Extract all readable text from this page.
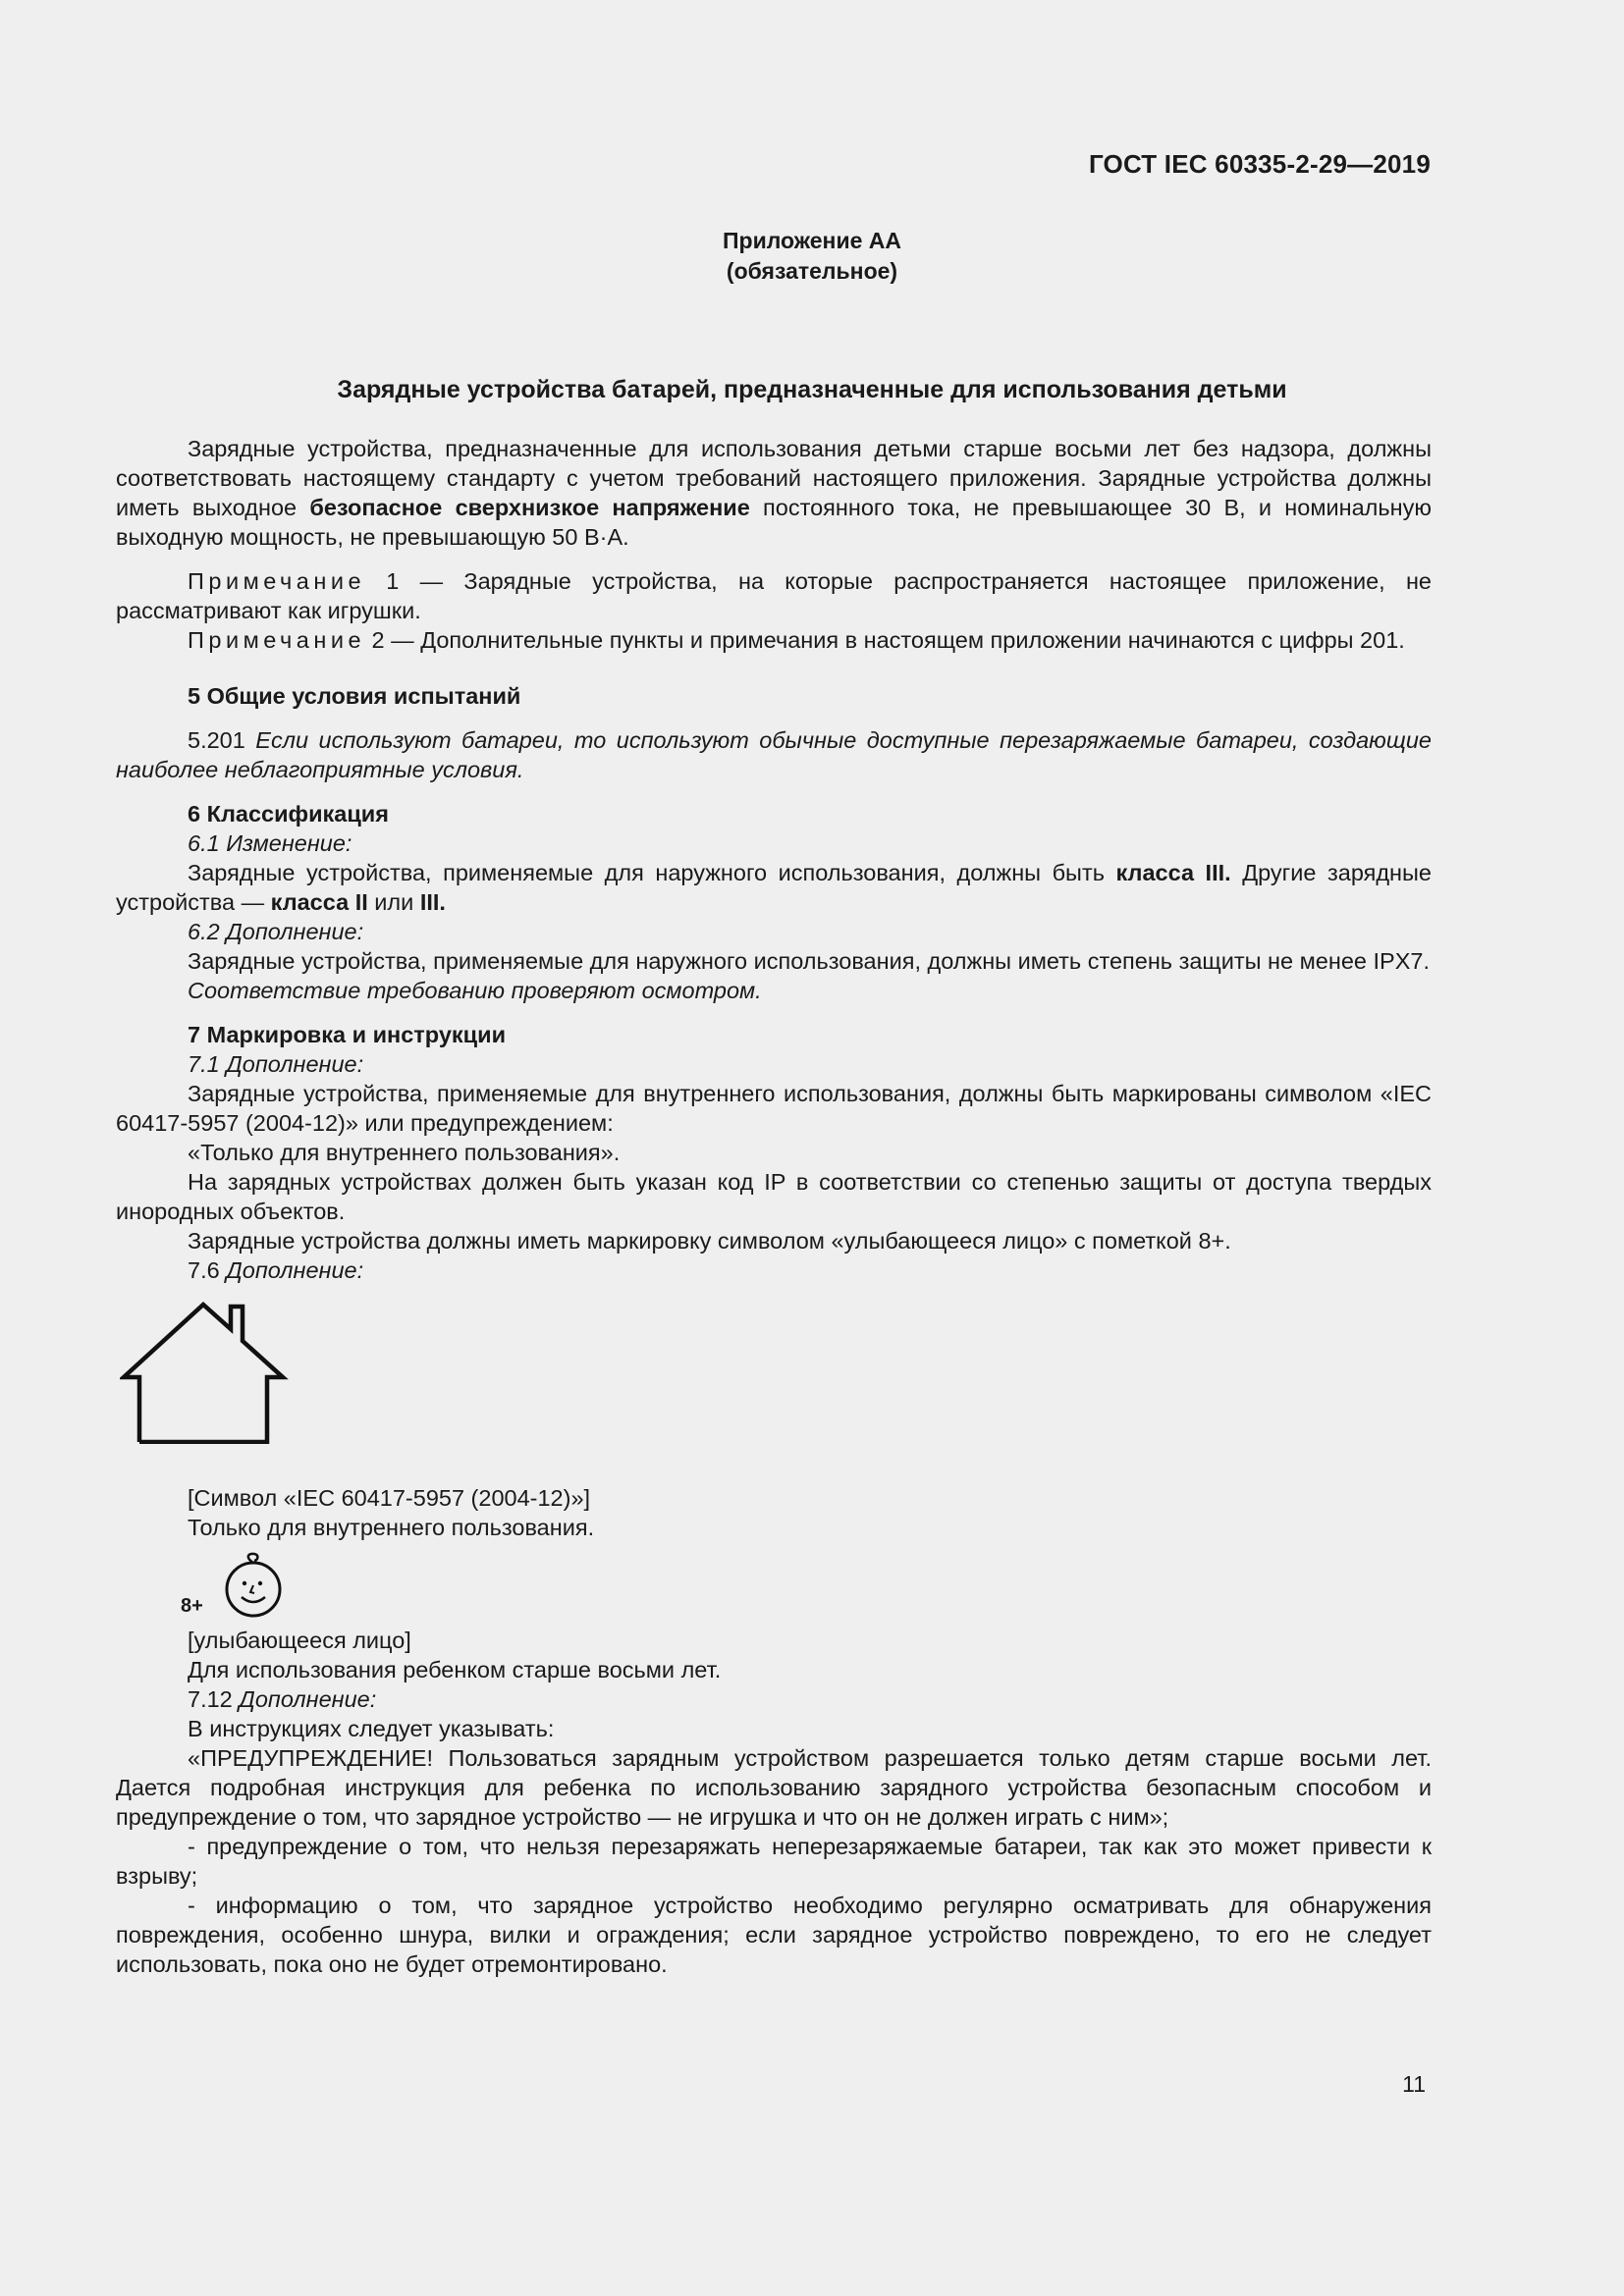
ГОСТ IEC 60335-2-29—2019
Приложение АА
(обязательное)
Зарядные устройства батарей, предназначенные для использования детьми

Зарядные устройства, предназначенные для использования детьми старше восьми лет без надзора, должны соответствовать настоящему стандарту с учетом требований настоящего приложения. Зарядные устройства должны иметь выходное безопасное сверхнизкое напряжение постоянного тока, не превышающее 30 В, и номинальную выходную мощность, не превышающую 50 В·А.

Примечание 1 — Зарядные устройства, на которые распространяется настоящее приложение, не рассматривают как игрушки.

Примечание 2 — Дополнительные пункты и примечания в настоящем приложении начинаются с цифры 201.

5 Общие условия испытаний

5.201 Если используют батареи, то используют обычные доступные перезаряжаемые батареи, создающие наиболее неблагоприятные условия.

6 Классификация

6.1 Изменение:

Зарядные устройства, применяемые для наружного использования, должны быть класса III. Другие зарядные устройства — класса II или III.

6.2 Дополнение:

Зарядные устройства, применяемые для наружного использования, должны иметь степень защиты не менее IPX7.

Соответствие требованию проверяют осмотром.

7 Маркировка и инструкции

7.1 Дополнение:

Зарядные устройства, применяемые для внутреннего использования, должны быть маркированы символом «IEC 60417-5957 (2004-12)» или предупреждением:

«Только для внутреннего пользования».

На зарядных устройствах должен быть указан код IP в соответствии со степенью защиты от доступа твердых инородных объектов.

Зарядные устройства должны иметь маркировку символом «улыбающееся лицо» с пометкой 8+.

7.6 Дополнение:

[Символ «IEC 60417-5957 (2004-12)»]

Только для внутреннего пользования.

8+

[улыбающееся лицо]

Для использования ребенком старше восьми лет.

7.12 Дополнение:

В инструкциях следует указывать:

«ПРЕДУПРЕЖДЕНИЕ! Пользоваться зарядным устройством разрешается только детям старше восьми лет. Дается подробная инструкция для ребенка по использованию зарядного устройства безопасным способом и предупреждение о том, что зарядное устройство — не игрушка и что он не должен играть с ним»;

- предупреждение о том, что нельзя перезаряжать неперезаряжаемые батареи, так как это может привести к взрыву;

- информацию о том, что зарядное устройство необходимо регулярно осматривать для обнаружения повреждения, особенно шнура, вилки и ограждения; если зарядное устройство повреждено, то его не следует использовать, пока оно не будет отремонтировано.

11
